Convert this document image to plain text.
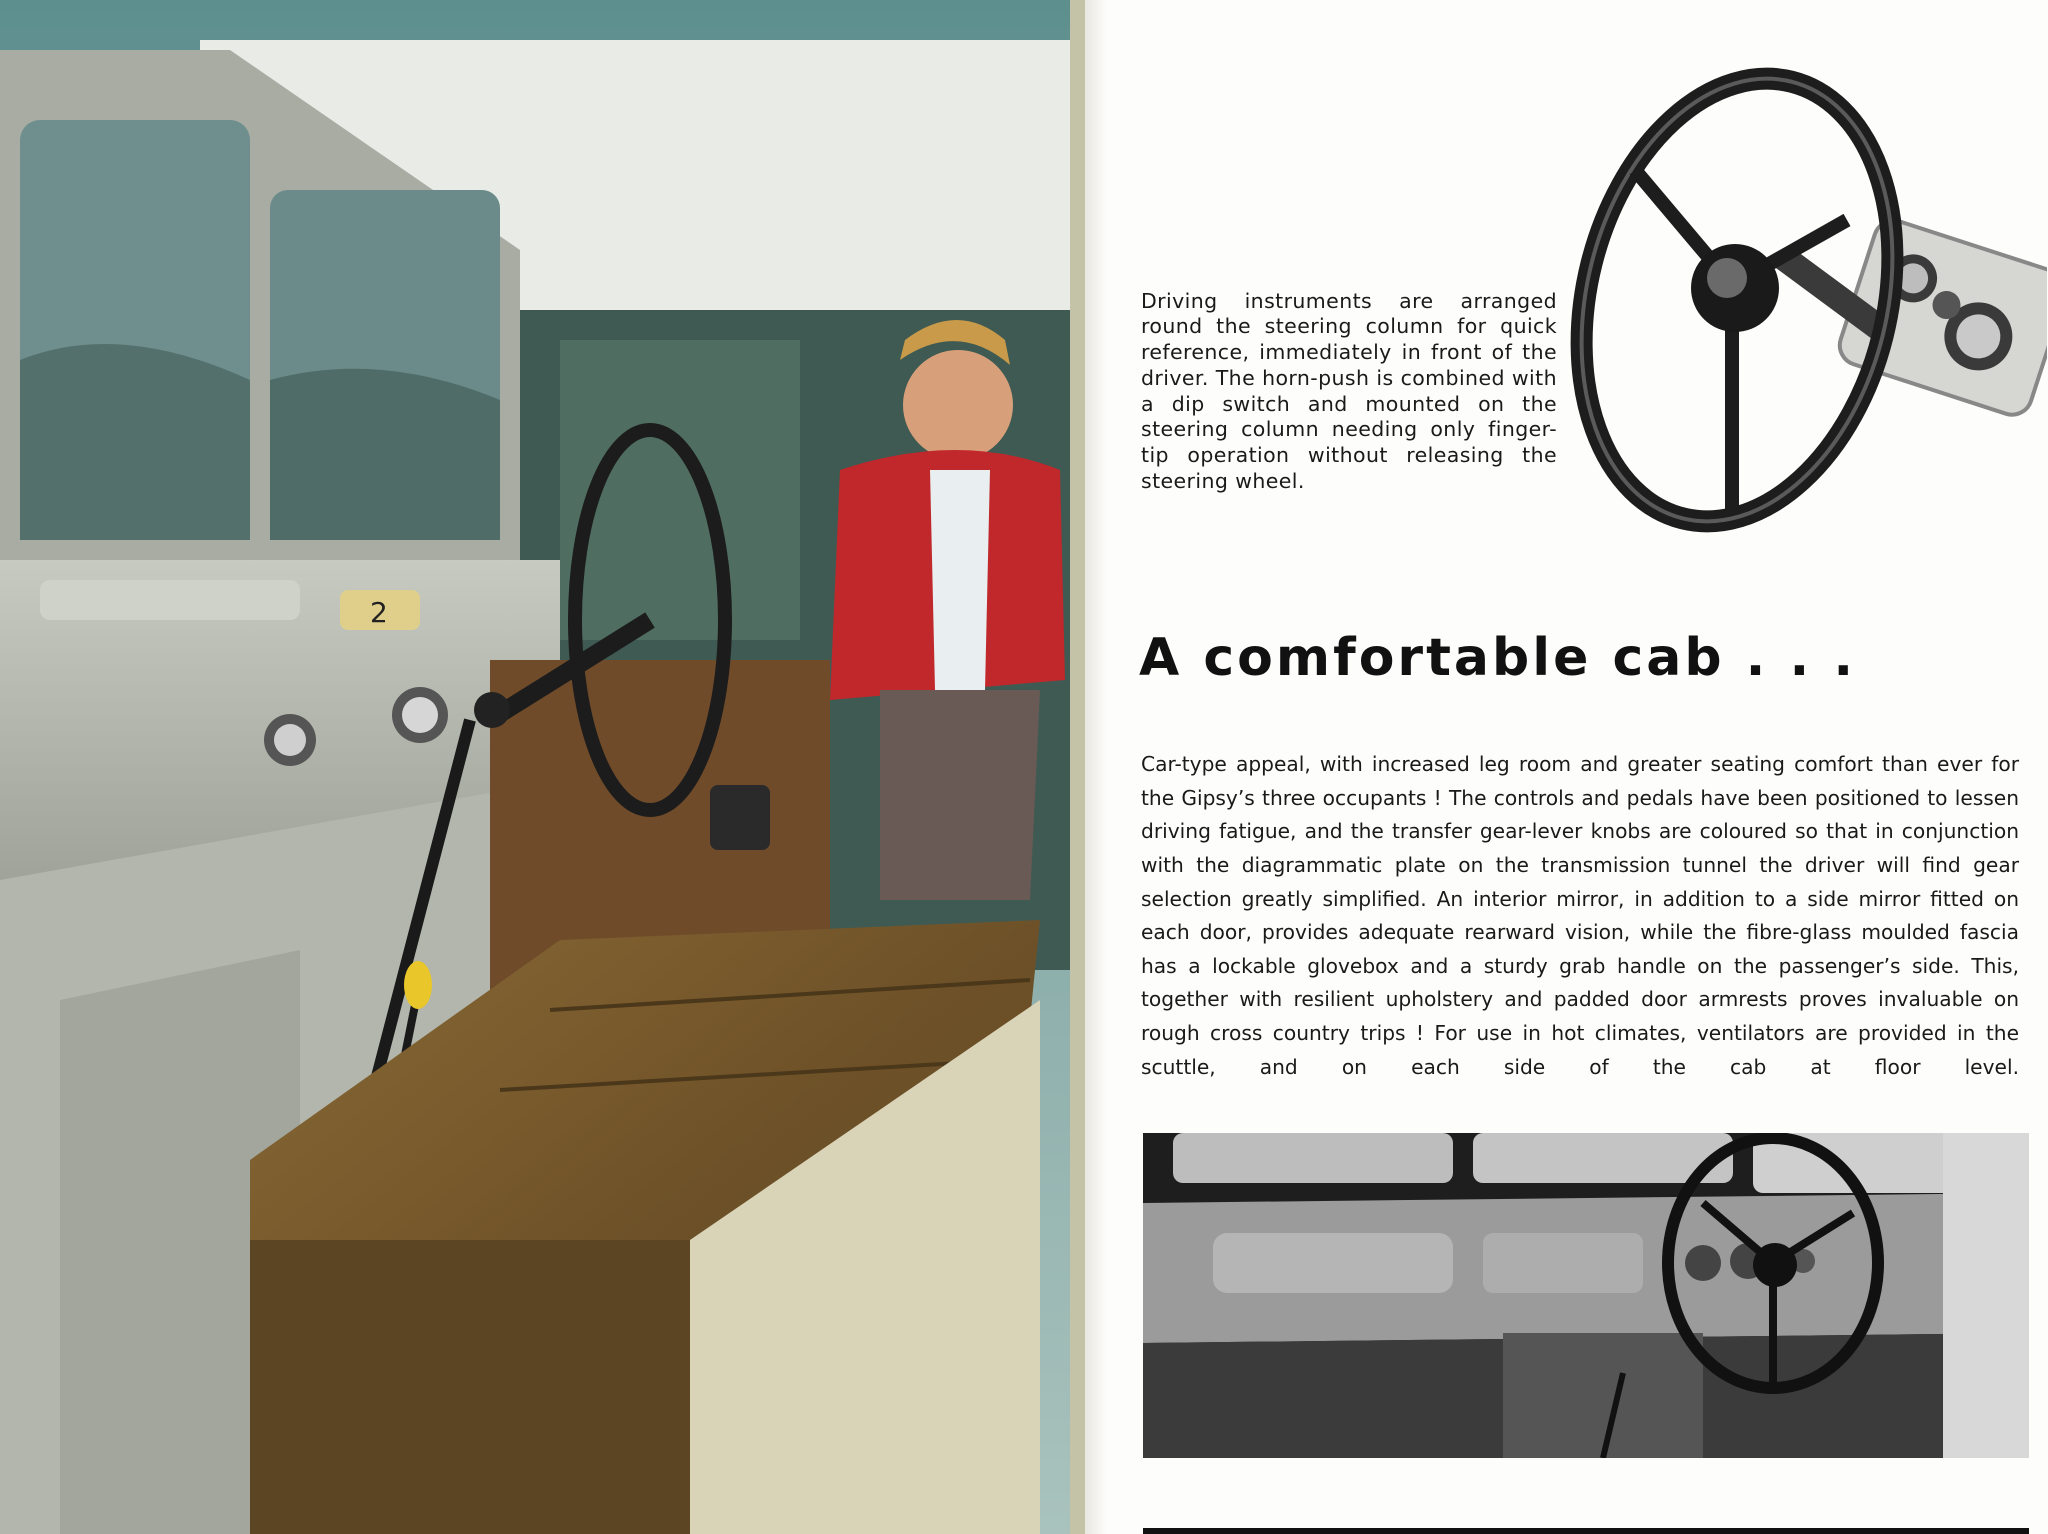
2

Driving instruments are arranged round the steering column for quick reference, immediately in front of the driver. The horn-push is combined with a dip switch and mounted on the steering column needing only finger-tip operation without releasing the steering wheel.

A comfortable cab . . .

Car-type appeal, with increased leg room and greater seating comfort than ever for the Gipsy’s three occupants ! The controls and pedals have been positioned to lessen driving fatigue, and the transfer gear-lever knobs are coloured so that in conjunction with the diagrammatic plate on the transmission tunnel the driver will find gear selection greatly simplified. An interior mirror, in addition to a side mirror fitted on each door, provides adequate rearward vision, while the fibre-glass moulded fascia has a lockable glovebox and a sturdy grab handle on the passenger’s side. This, together with resilient upholstery and padded door armrests proves invaluable on rough cross country trips ! For use in hot climates, ventilators are provided in the scuttle, and on each side of the cab at floor level.
